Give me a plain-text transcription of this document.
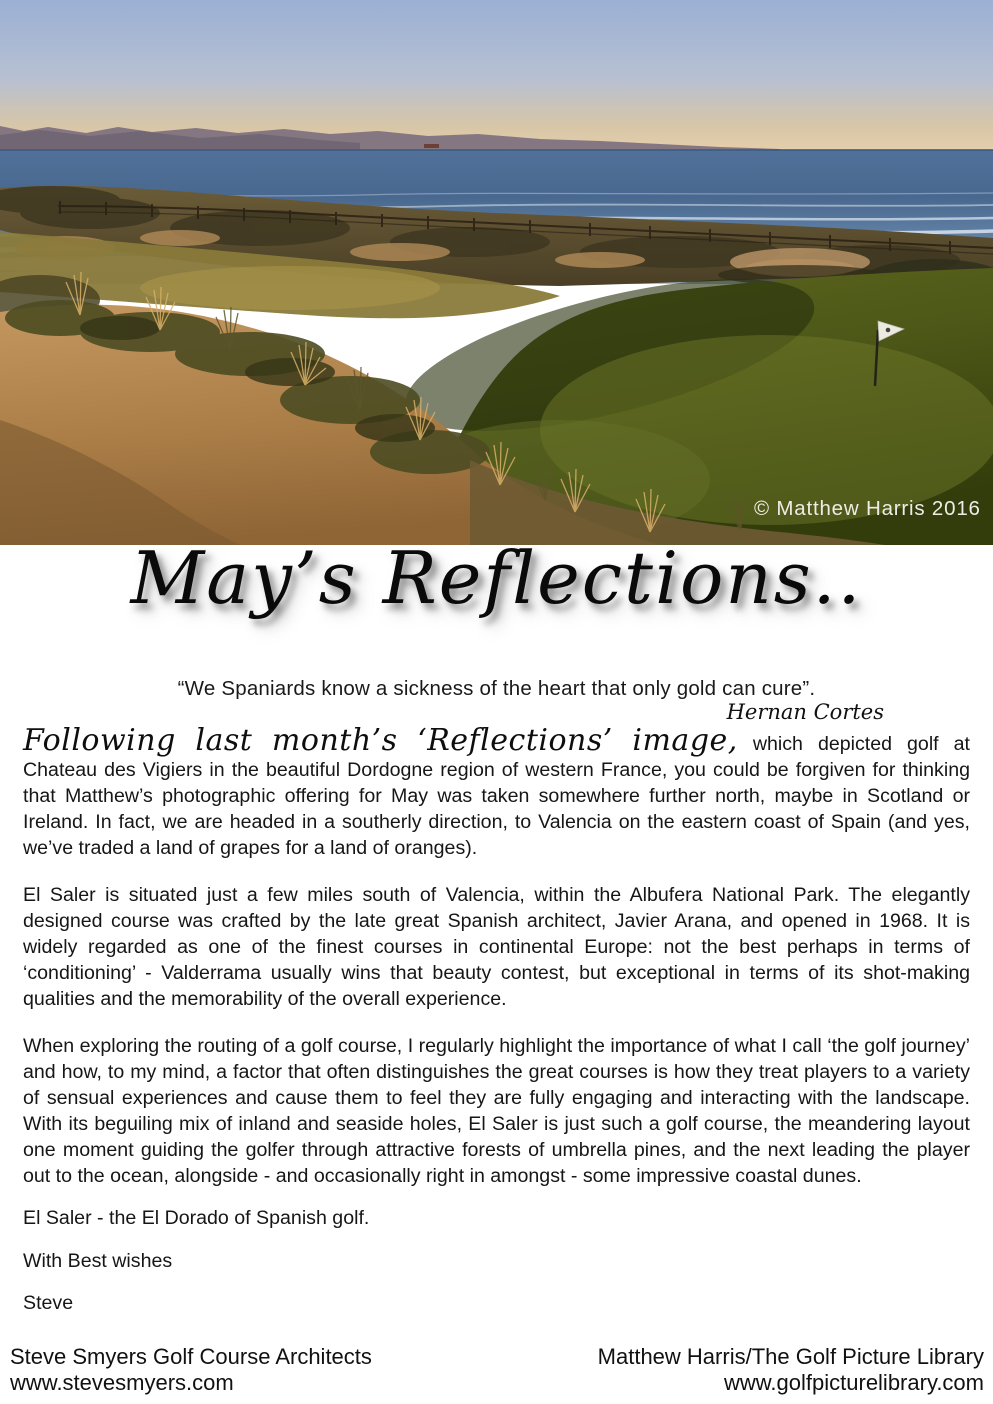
© Matthew Harris 2016
May’s Reflections..
“We Spaniards know a sickness of the heart that only gold can cure”.
Hernan Cortes

Following last month’s ‘Reflections’ image, which depicted golf at Chateau des Vigiers in the beautiful Dordogne region of western France, you could be forgiven for thinking that Matthew’s photographic offering for May was taken somewhere further north, maybe in Scotland or Ireland. In fact, we are headed in a southerly direction, to Valencia on the eastern coast of Spain (and yes, we’ve traded a land of grapes for a land of oranges).

El Saler is situated just a few miles south of Valencia, within the Albufera National Park. The elegantly designed course was crafted by the late great Spanish architect, Javier Arana, and opened in 1968. It is widely regarded as one of the finest courses in continental Europe: not the best perhaps in terms of ‘conditioning’ - Valderrama usually wins that beauty contest, but exceptional in terms of its shot-making qualities and the memorability of the overall experience.

When exploring the routing of a golf course, I regularly highlight the importance of what I call ‘the golf journey’ and how, to my mind, a factor that often distinguishes the great courses is how they treat players to a variety of sensual experiences and cause them to feel they are fully engaging and interacting with the landscape. With its beguiling mix of inland and seaside holes, El Saler is just such a golf course, the meandering layout one moment guiding the golfer through attractive forests of umbrella pines, and the next leading the player out to the ocean, alongside - and occasionally right in amongst - some impressive coastal dunes.

El Saler - the El Dorado of Spanish golf.

With Best wishes

Steve

Steve Smyers Golf Course Architects
www.stevesmyers.com
Matthew Harris/The Golf Picture Library
www.golfpicturelibrary.com
